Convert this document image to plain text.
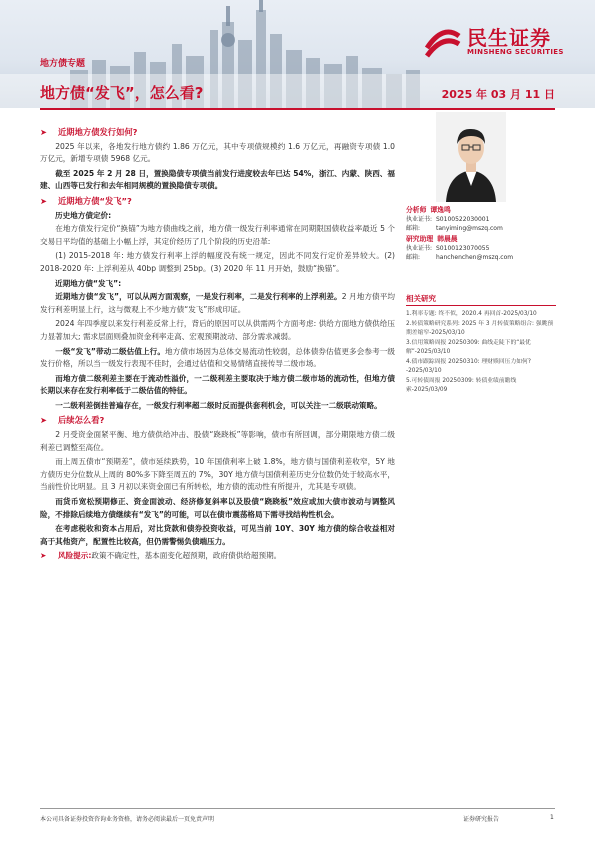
民生证券
MINSHENG SECURITIES
地方债专题
地方债“发飞”，怎么看?	2025 年 03 月 11 日
➤ 近期地方债发行如何?
2025 年以来，各地发行地方债约 1.86 万亿元，其中专项债规模约 1.6 万亿元，再融资专项债 1.0 万亿元，新增专项债 5968 亿元。
截至 2025 年 2 月 28 日，置换隐债专项债当前发行进度较去年已达 54%，浙江、内蒙、陕西、福建、山西等已发行和去年相同规模的置换隐债专项债。
➤ 近期地方债“发飞”?
历史地方债定价:
在地方债发行定价“换锚”为地方债曲线之前，地方债一级发行利率通常在同期限国债收益率最近 5 个交易日平均值的基础上小幅上浮，其定价经历了几个阶段的历史沿革:
(1) 2015-2018 年: 地方债发行利率上浮的幅度没有统一规定，因此不同发行定价差异较大。(2) 2018-2020 年: 上浮利差从 40bp 调整到 25bp。(3) 2020 年 11 月开始，鼓励“换锚”。
近期地方债“发飞”:
近期地方债“发飞”，可以从两方面观察，一是发行利率，二是发行利率的上浮利差。2 月地方债平均发行利差明显上行，这与微观上不少地方债“发飞”形成印证。
2024 年四季度以来发行利差反常上行，背后的原因可以从供需两个方面考虑: 供给方面地方债供给压力显著加大; 需求层面则叠加资金利率走高、宏观预期波动、部分需求减弱。
一级“发飞”带动二级估值上行。地方债市场因为总体交易流动性较弱，总体债券估值更多会参考一级发行价格，所以当一级发行表现不佳时，会通过估值和交易情绪直接传导二级市场。
而地方债二级利差主要在于流动性溢价，一二级利差主要取决于地方债二级市场的流动性，但地方债长期以来存在发行利率低于二级估值的特征。
一二级利差倒挂普遍存在，一级发行利率超二级时反而提供套利机会，可以关注一二级联动策略。
➤ 后续怎么看?
2 月受资金面紧平衡、地方债供给冲击、股债“跷跷板”等影响，债市有所回调，部分期限地方债二级利差已调整至高位。
而上周五债市“预期差”，债市延续跌势，10 年国债利率上破 1.8%，地方债与国债利差收窄，5Y 地方债历史分位数从上周的 80%多下降至周五的 7%，30Y 地方债与国债利差历史分位数仍处于较高水平，当前性价比明显。且 3 月初以来资金面已有所转松，地方债的流动性有所提升，尤其是专项债。
而货币宽松预期修正、资金面波动、经济修复斜率以及股债“跷跷板”效应或加大债市波动与调整风险，不排除后续地方债继续有“发飞”的可能，可以在债市震荡格局下需寻找结构性机会。
在考虑税收和资本占用后，对比贷款和债券投资收益，可见当前 10Y、30Y 地方债的综合收益相对高于其他资产，配置性比较高，但仍需警惕负债端压力。
➤ 风险提示:政策不确定性，基本面变化超预期，政府债供给超预期。
分析师 谭逸鸣
执业证书: S0100522030001
邮箱:	tanyiming@mszq.com
研究助理 韩晨晨
执业证书: S0100123070055
邮箱:	hanchenchen@mszq.com
相关研究
1.利率专题: 终不似，2020.4 再回首-2025/03/10
2.转债策略研究系列: 2025 年 3 月转债策略组合: 强眺预期差缩窄-2025/03/10
3.信用策略周报 20250309: 曲线走陡下的“最优解”-2025/03/10
4.债市跟踪周报 20250310: 理财赎回压力如何? -2025/03/10
5.可转债周报 20250309: 转债业绩前瞻线索-2025/03/09
本公司具备证券投资咨询业务资格，请务必阅读最后一页免责声明	证券研究报告	1
